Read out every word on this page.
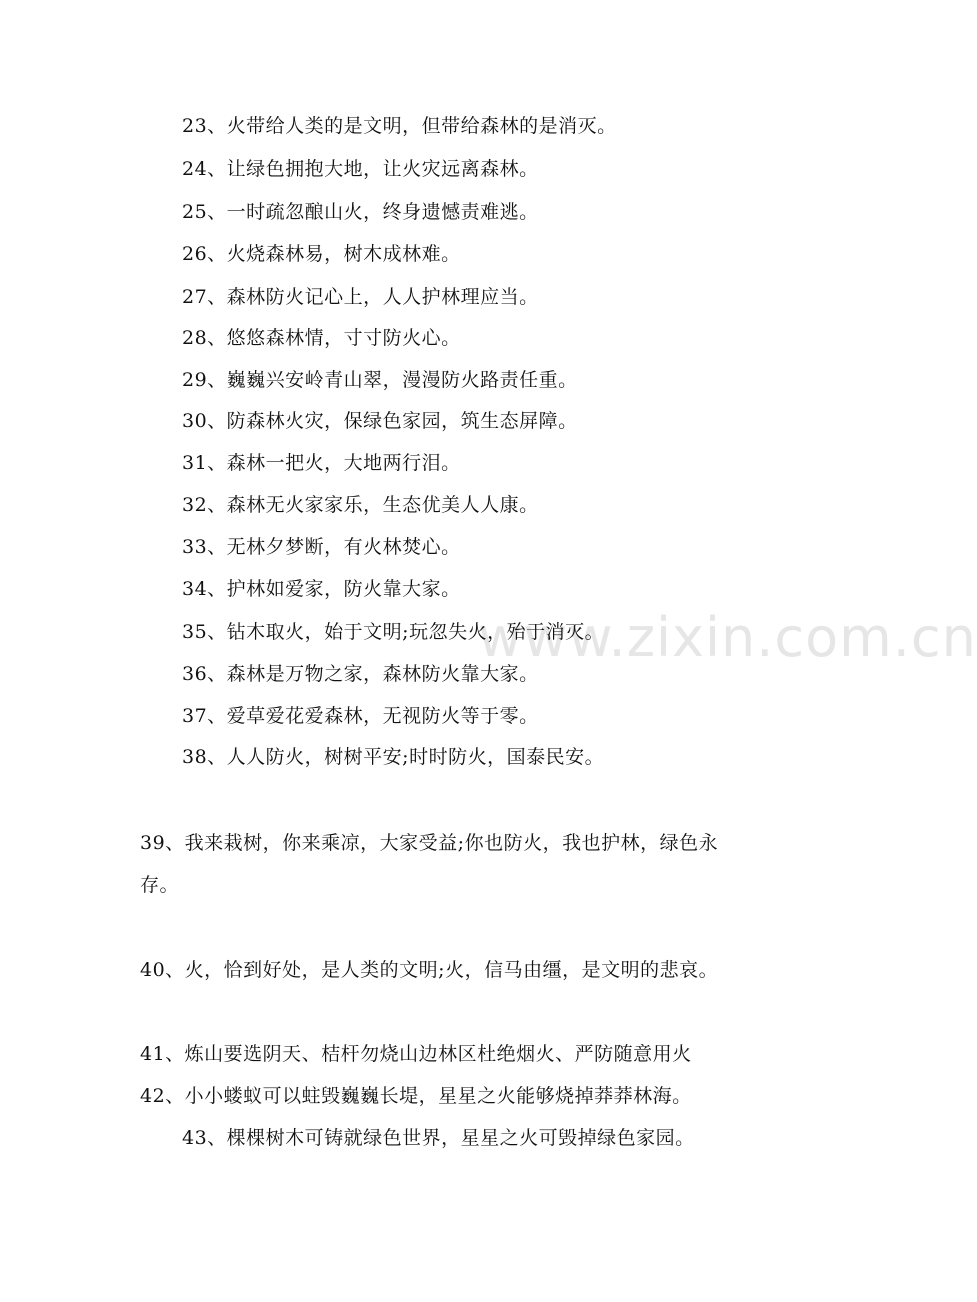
www.zixin.com.cn
23、火带给人类的是文明，但带给森林的是消灭。
24、让绿色拥抱大地，让火灾远离森林。
25、一时疏忽酿山火，终身遗憾责难逃。
26、火烧森林易，树木成林难。
27、森林防火记心上，人人护林理应当。
28、悠悠森林情，寸寸防火心。
29、巍巍兴安岭青山翠，漫漫防火路责任重。
30、防森林火灾，保绿色家园，筑生态屏障。
31、森林一把火，大地两行泪。
32、森林无火家家乐，生态优美人人康。
33、无林夕梦断，有火林焚心。
34、护林如爱家，防火靠大家。
35、钻木取火，始于文明;玩忽失火，殆于消灭。
36、森林是万物之家，森林防火靠大家。
37、爱草爱花爱森林，无视防火等于零。
38、人人防火，树树平安;时时防火，国泰民安。
39、我来栽树，你来乘凉，大家受益;你也防火，我也护林，绿色永
存。
40、火，恰到好处，是人类的文明;火，信马由缰，是文明的悲哀。
41、炼山要选阴天、桔杆勿烧山边林区杜绝烟火、严防随意用火
42、小小蝼蚁可以蛀毁巍巍长堤，星星之火能够烧掉莽莽林海。
43、棵棵树木可铸就绿色世界，星星之火可毁掉绿色家园。
